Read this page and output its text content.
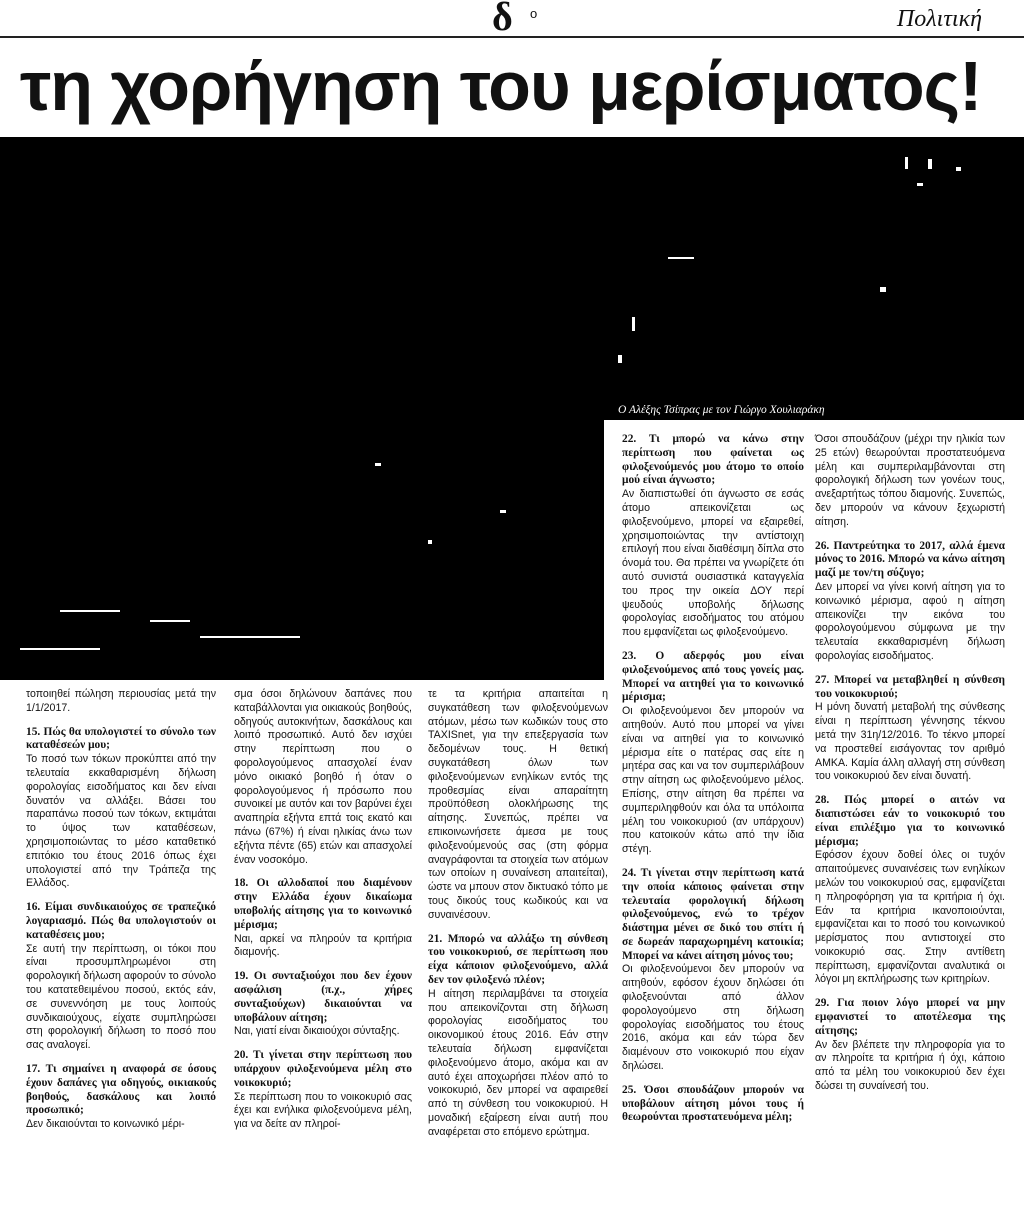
δ o	Πολιτική
τη χορήγηση του μερίσματος!
Ο Αλέξης Τσίπρας με τον Γιώργο Χουλιαράκη
τοποιηθεί πώληση περιουσίας μετά την 1/1/2017.
15. Πώς θα υπολογιστεί το σύνολο των καταθέσεών μου;
Το ποσό των τόκων προκύπτει από την τελευταία εκκαθαρισμένη δήλωση φορολογίας εισοδήματος και δεν είναι δυνατόν να αλλάξει. Βάσει του παραπάνω ποσού των τόκων, εκτιμάται το ύψος των καταθέσεων, χρησιμοποιώντας το μέσο καταθετικό επιτόκιο του έτους 2016 όπως έχει υπολογιστεί από την Τράπεζα της Ελλάδος.
16. Είμαι συνδικαιούχος σε τραπεζικό λογαριασμό. Πώς θα υπολογιστούν οι καταθέσεις μου;
Σε αυτή την περίπτωση, οι τόκοι που είναι προσυμπληρωμένοι στη φορολογική δήλωση αφορούν το σύνολο του κατατεθειμένου ποσού, εκτός εάν, σε συνεννόηση με τους λοιπούς συνδικαιούχους, είχατε συμπληρώσει στη φορολογική δήλωση το ποσό που σας αναλογεί.
17. Τι σημαίνει η αναφορά σε όσους έχουν δαπάνες για οδηγούς, οικιακούς βοηθούς, δασκάλους και λοιπό προσωπικό;
Δεν δικαιούνται το κοινωνικό μέρι-
σμα όσοι δηλώνουν δαπάνες που καταβάλλονται για οικιακούς βοηθούς, οδηγούς αυτοκινήτων, δασκάλους και λοιπό προσωπικό. Αυτό δεν ισχύει στην περίπτωση που ο φορολογούμενος απασχολεί έναν μόνο οικιακό βοηθό ή όταν ο φορολογούμενος ή πρόσωπο που συνοικεί με αυτόν και τον βαρύνει έχει αναπηρία εξήντα επτά τοις εκατό και πάνω (67%) ή είναι ηλικίας άνω των εξήντα πέντε (65) ετών και απασχολεί έναν νοσοκόμο.
18. Οι αλλοδαποί που διαμένουν στην Ελλάδα έχουν δικαίωμα υποβολής αίτησης για το κοινωνικό μέρισμα;
Ναι, αρκεί να πληρούν τα κριτήρια διαμονής.
19. Οι συνταξιούχοι που δεν έχουν ασφάλιση (π.χ., χήρες συνταξιούχων) δικαιούνται να υποβάλουν αίτηση;
Ναι, γιατί είναι δικαιούχοι σύνταξης.
20. Τι γίνεται στην περίπτωση που υπάρχουν φιλοξενούμενα μέλη στο νοικοκυριό;
Σε περίπτωση που το νοικοκυριό σας έχει και ενήλικα φιλοξενούμενα μέλη, για να δείτε αν πληροί-
τε τα κριτήρια απαιτείται η συγκατάθεση των φιλοξενούμενων ατόμων, μέσω των κωδικών τους στο TAXISnet, για την επεξεργασία των δεδομένων τους. Η θετική συγκατάθεση όλων των φιλοξενούμενων ενηλίκων εντός της προθεσμίας είναι απαραίτητη προϋπόθεση ολοκλήρωσης της αίτησης. Συνεπώς, πρέπει να επικοινωνήσετε άμεσα με τους φιλοξενούμενούς σας (στη φόρμα αναγράφονται τα στοιχεία των ατόμων των οποίων η συναίνεση απαιτείται), ώστε να μπουν στον δικτυακό τόπο με τους δικούς τους κωδικούς και να συναινέσουν.
21. Μπορώ να αλλάξω τη σύνθεση του νοικοκυριού, σε περίπτωση που είχα κάποιον φιλοξενούμενο, αλλά δεν τον φιλοξενώ πλέον;
Η αίτηση περιλαμβάνει τα στοιχεία που απεικονίζονται στη δήλωση φορολογίας εισοδήματος του οικονομικού έτους 2016. Εάν στην τελευταία δήλωση εμφανίζεται φιλοξενούμενο άτομο, ακόμα και αν αυτό έχει αποχωρήσει πλέον από το νοικοκυριό, δεν μπορεί να αφαιρεθεί από τη σύνθεση του νοικοκυριού. Η μοναδική εξαίρεση είναι αυτή που αναφέρεται στο επόμενο ερώτημα.
22. Τι μπορώ να κάνω στην περίπτωση που φαίνεται ως φιλοξενούμενός μου άτομο το οποίο μού είναι άγνωστο;
Αν διαπιστωθεί ότι άγνωστο σε εσάς άτομο απεικονίζεται ως φιλοξενούμενο, μπορεί να εξαιρεθεί, χρησιμοποιώντας την αντίστοιχη επιλογή που είναι διαθέσιμη δίπλα στο όνομά του. Θα πρέπει να γνωρίζετε ότι αυτό συνιστά ουσιαστικά καταγγελία του προς την οικεία ΔΟΥ περί ψευδούς υποβολής δήλωσης φορολογίας εισοδήματος του ατόμου που εμφανίζεται ως φιλοξενούμενο.
23. Ο αδερφός μου είναι φιλοξενούμενος από τους γονείς μας. Μπορεί να αιτηθεί για το κοινωνικό μέρισμα;
Οι φιλοξενούμενοι δεν μπορούν να αιτηθούν. Αυτό που μπορεί να γίνει είναι να αιτηθεί για το κοινωνικό μέρισμα είτε ο πατέρας σας είτε η μητέρα σας και να τον συμπεριλάβουν στην αίτηση ως φιλοξενούμενο μέλος. Επίσης, στην αίτηση θα πρέπει να συμπεριληφθούν και όλα τα υπόλοιπα μέλη του νοικοκυριού (αν υπάρχουν) που κατοικούν κάτω από την ίδια στέγη.
24. Τι γίνεται στην περίπτωση κατά την οποία κάποιος φαίνεται στην τελευταία φορολογική δήλωση φιλοξενούμενος, ενώ το τρέχον διάστημα μένει σε δικό του σπίτι ή σε δωρεάν παραχωρημένη κατοικία; Μπορεί να κάνει αίτηση μόνος του;
Οι φιλοξενούμενοι δεν μπορούν να αιτηθούν, εφόσον έχουν δηλώσει ότι φιλοξενούνται από άλλον φορολογούμενο στη δήλωση φορολογίας εισοδήματος του έτους 2016, ακόμα και εάν τώρα δεν διαμένουν στο νοικοκυριό που είχαν δηλώσει.
25. Όσοι σπουδάζουν μπορούν να υποβάλουν αίτηση μόνοι τους ή θεωρούνται προστατευόμενα μέλη;
Όσοι σπουδάζουν (μέχρι την ηλικία των 25 ετών) θεωρούνται προστατευόμενα μέλη και συμπεριλαμβάνονται στη φορολογική δήλωση των γονέων τους, ανεξαρτήτως τόπου διαμονής. Συνεπώς, δεν μπορούν να κάνουν ξεχωριστή αίτηση.
26. Παντρεύτηκα το 2017, αλλά έμενα μόνος το 2016. Μπορώ να κάνω αίτηση μαζί με τον/τη σύζυγο;
Δεν μπορεί να γίνει κοινή αίτηση για το κοινωνικό μέρισμα, αφού η αίτηση απεικονίζει την εικόνα του φορολογούμενου σύμφωνα με την τελευταία εκκαθαρισμένη δήλωση φορολογίας εισοδήματος.
27. Μπορεί να μεταβληθεί η σύνθεση του νοικοκυριού;
Η μόνη δυνατή μεταβολή της σύνθεσης είναι η περίπτωση γέννησης τέκνου μετά την 31η/12/2016. Το τέκνο μπορεί να προστεθεί εισάγοντας τον αριθμό ΑΜΚΑ. Καμία άλλη αλλαγή στη σύνθεση του νοικοκυριού δεν είναι δυνατή.
28. Πώς μπορεί ο αιτών να διαπιστώσει εάν το νοικοκυριό του είναι επιλέξιμο για το κοινωνικό μέρισμα;
Εφόσον έχουν δοθεί όλες οι τυχόν απαιτούμενες συναινέσεις των ενηλίκων μελών του νοικοκυριού σας, εμφανίζεται η πληροφόρηση για τα κριτήρια ή όχι. Εάν τα κριτήρια ικανοποιούνται, εμφανίζεται και το ποσό του κοινωνικού μερίσματος που αντιστοιχεί στο νοικοκυριό σας. Στην αντίθετη περίπτωση, εμφανίζονται αναλυτικά οι λόγοι μη εκπλήρωσης των κριτηρίων.
29. Για ποιον λόγο μπορεί να μην εμφανιστεί το αποτέλεσμα της αίτησης;
Αν δεν βλέπετε την πληροφορία για το αν πληροίτε τα κριτήρια ή όχι, κάποιο από τα μέλη του νοικοκυριού δεν έχει δώσει τη συναίνεσή του.
